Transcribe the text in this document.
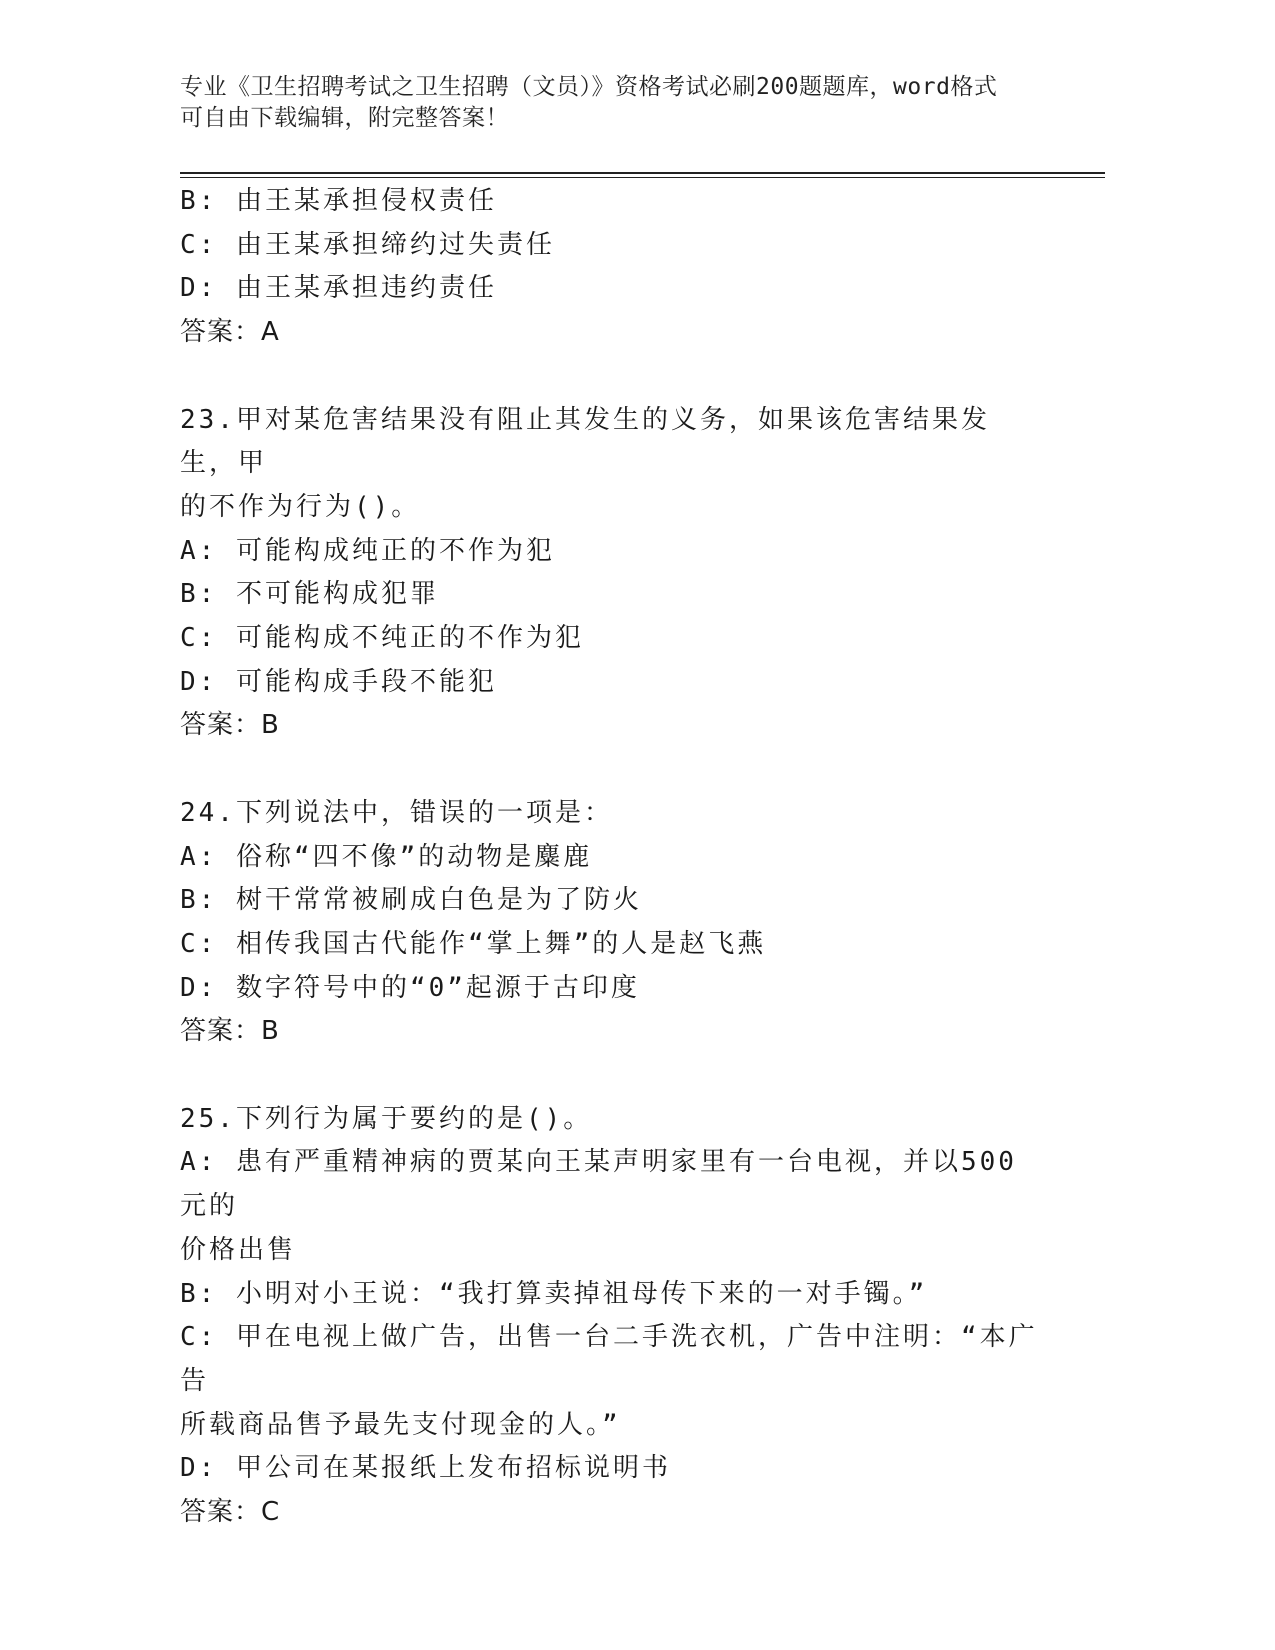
专业《卫生招聘考试之卫生招聘（文员）》资格考试必刷200题题库，word格式
可自由下载编辑，附完整答案！
B: 由王某承担侵权责任
C: 由王某承担缔约过失责任
D: 由王某承担违约责任
答案：A
23.甲对某危害结果没有阻止其发生的义务，如果该危害结果发生，甲
的不作为行为()。
A: 可能构成纯正的不作为犯
B: 不可能构成犯罪
C: 可能构成不纯正的不作为犯
D: 可能构成手段不能犯
答案：B
24.下列说法中，错误的一项是：
A: 俗称“四不像”的动物是麋鹿
B: 树干常常被刷成白色是为了防火
C: 相传我国古代能作“掌上舞”的人是赵飞燕
D: 数字符号中的“0”起源于古印度
答案：B
25.下列行为属于要约的是()。
A: 患有严重精神病的贾某向王某声明家里有一台电视，并以500元的
价格出售
B: 小明对小王说：“我打算卖掉祖母传下来的一对手镯。”
C: 甲在电视上做广告，出售一台二手洗衣机，广告中注明：“本广告
所载商品售予最先支付现金的人。”
D: 甲公司在某报纸上发布招标说明书
答案：C
